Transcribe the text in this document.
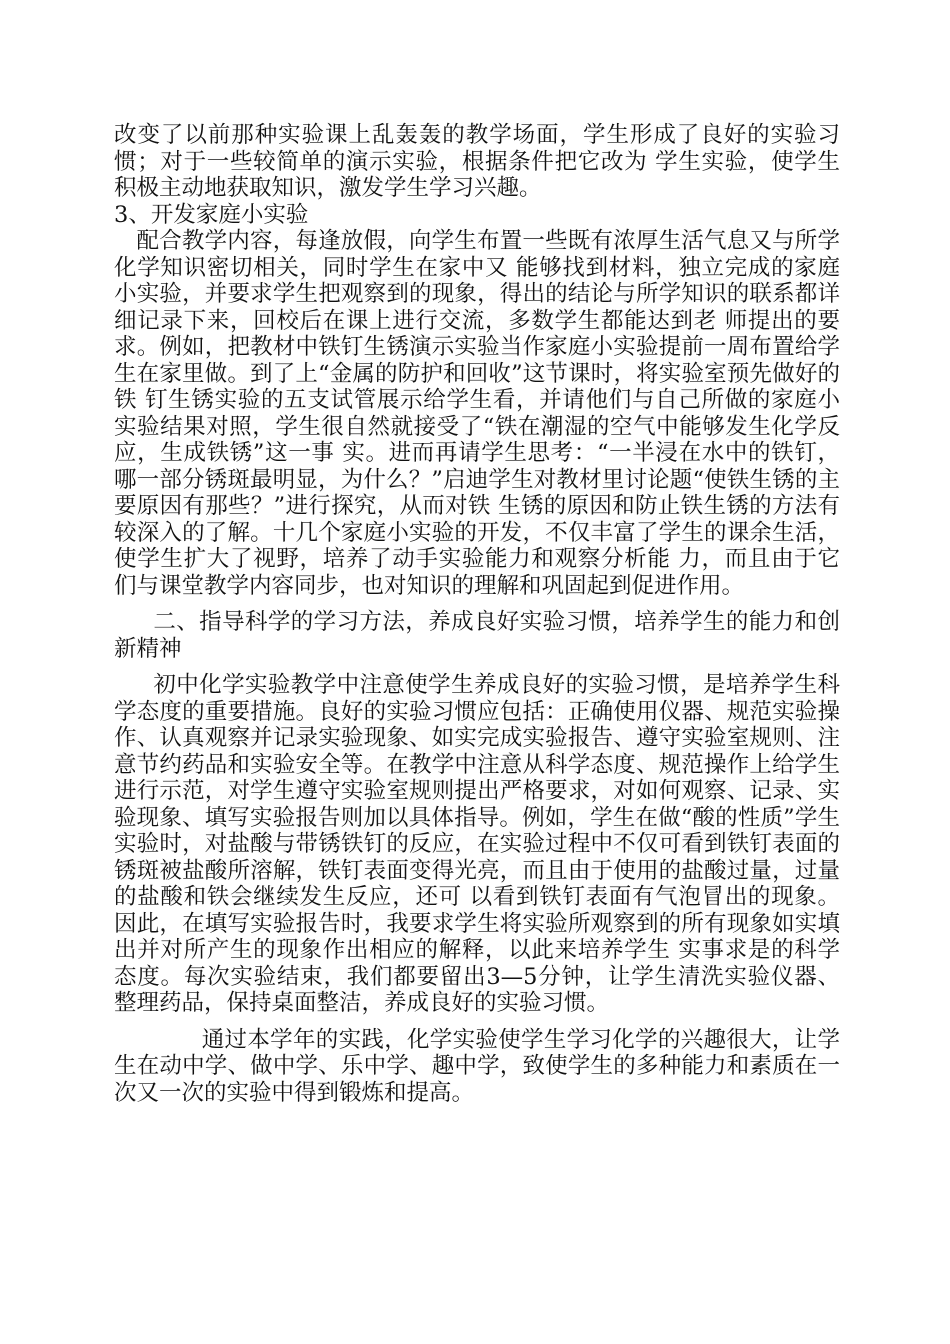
改变了以前那种实验课上乱轰轰的教学场面，学生形成了良好的实验习惯；对于一些较简单的演示实验，根据条件把它改为 学生实验，使学生积极主动地获取知识，激发学生学习兴趣。

3、开发家庭小实验

配合教学内容，每逢放假，向学生布置一些既有浓厚生活气息又与所学化学知识密切相关，同时学生在家中又 能够找到材料，独立完成的家庭小实验，并要求学生把观察到的现象，得出的结论与所学知识的联系都详细记录下来，回校后在课上进行交流，多数学生都能达到老 师提出的要求。例如，把教材中铁钉生锈演示实验当作家庭小实验提前一周布置给学生在家里做。到了上“金属的防护和回收”这节课时，将实验室预先做好的铁 钉生锈实验的五支试管展示给学生看，并请他们与自己所做的家庭小实验结果对照，学生很自然就接受了“铁在潮湿的空气中能够发生化学反应，生成铁锈”这一事 实。进而再请学生思考：“一半浸在水中的铁钉，哪一部分锈斑最明显，为什么？”启迪学生对教材里讨论题“使铁生锈的主要原因有那些？”进行探究，从而对铁 生锈的原因和防止铁生锈的方法有较深入的了解。十几个家庭小实验的开发，不仅丰富了学生的课余生活，使学生扩大了视野，培养了动手实验能力和观察分析能 力，而且由于它们与课堂教学内容同步，也对知识的理解和巩固起到促进作用。

二、指导科学的学习方法，养成良好实验习惯，培养学生的能力和创新精神

初中化学实验教学中注意使学生养成良好的实验习惯，是培养学生科学态度的重要措施。良好的实验习惯应包括：正确使用仪器、规范实验操作、认真观察并记录实验现象、如实完成实验报告、遵守实验室规则、注意节约药品和实验安全等。在教学中注意从科学态度、规范操作上给学生 进行示范，对学生遵守实验室规则提出严格要求，对如何观察、记录、实验现象、填写实验报告则加以具体指导。例如，学生在做“酸的性质”学生实验时，对盐酸与带锈铁钉的反应，在实验过程中不仅可看到铁钉表面的锈斑被盐酸所溶解，铁钉表面变得光亮，而且由于使用的盐酸过量，过量的盐酸和铁会继续发生反应，还可 以看到铁钉表面有气泡冒出的现象。因此，在填写实验报告时，我要求学生将实验所观察到的所有现象如实填出并对所产生的现象作出相应的解释，以此来培养学生 实事求是的科学态度。每次实验结束，我们都要留出3—5分钟，让学生清洗实验仪器、整理药品，保持桌面整洁，养成良好的实验习惯。

通过本学年的实践，化学实验使学生学习化学的兴趣很大，让学生在动中学、做中学、乐中学、趣中学，致使学生的多种能力和素质在一次又一次的实验中得到锻炼和提高。
